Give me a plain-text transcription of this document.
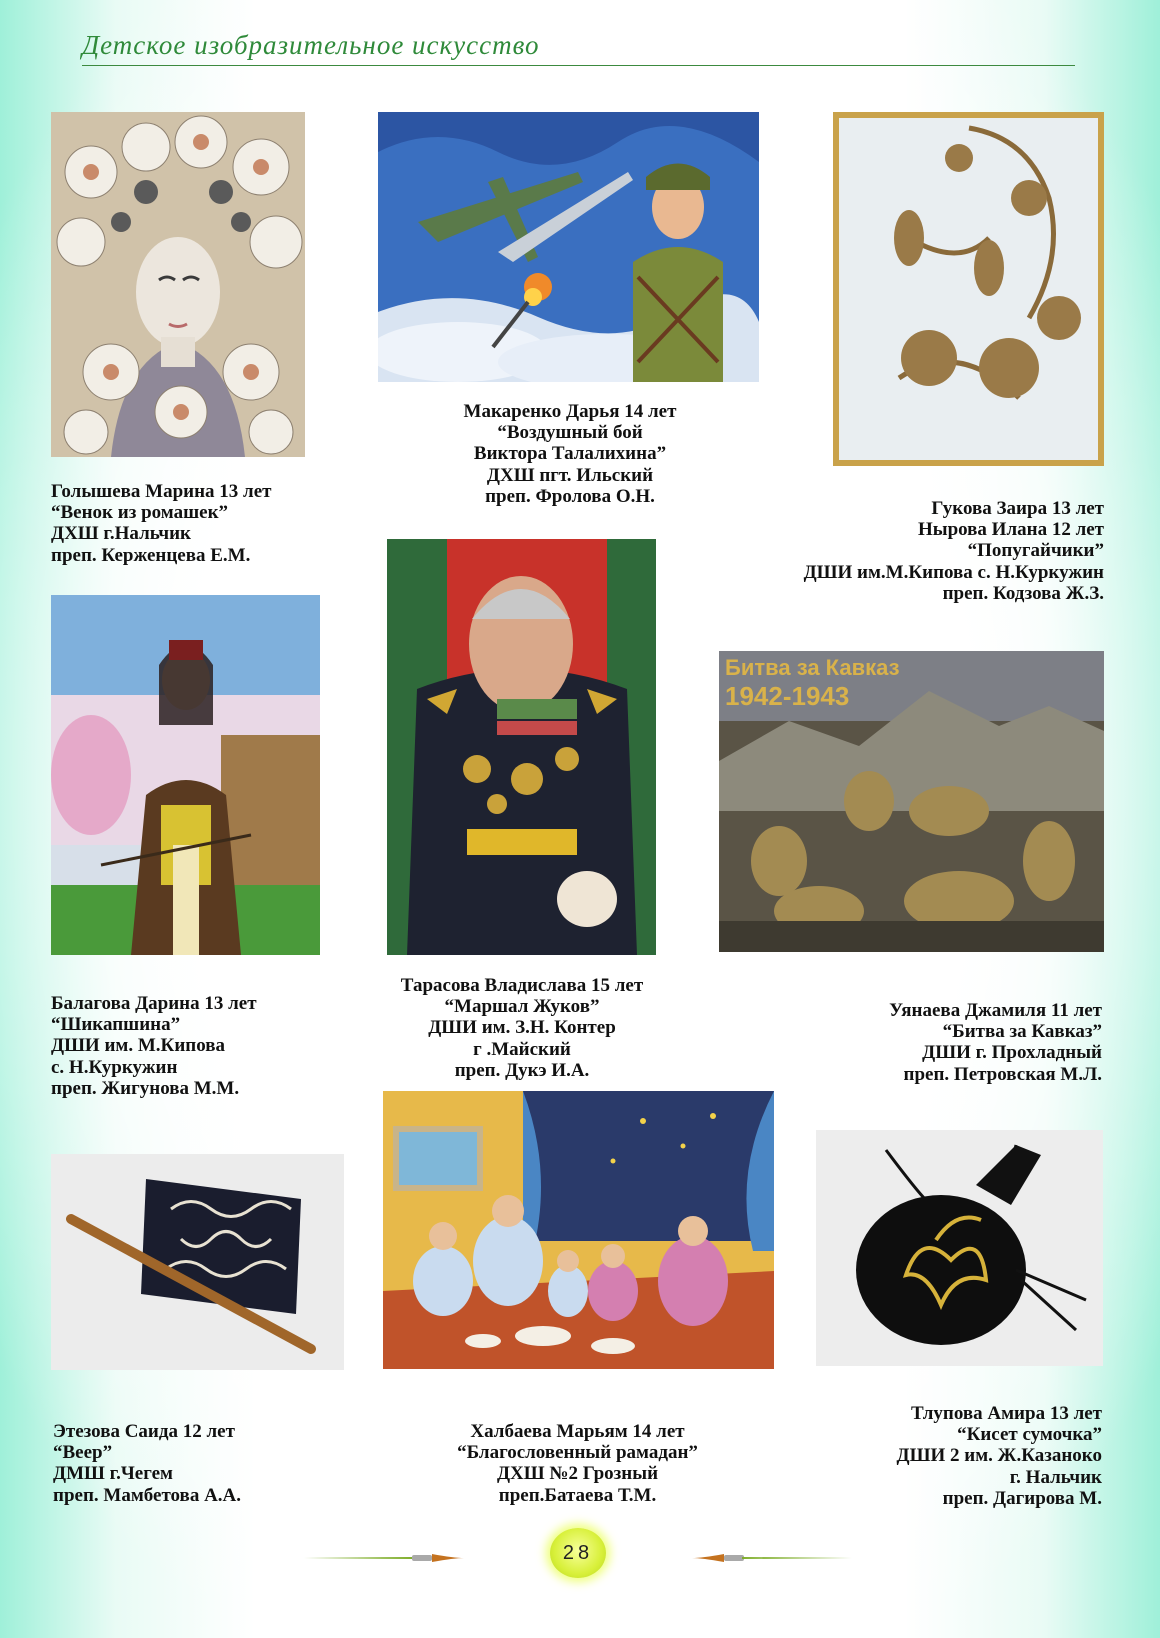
Детское изобразительное искусство
Голышева Марина 13 лет
“Венок из ромашек”
ДХШ г.Нальчик
преп. Керженцева Е.М.
Макаренко Дарья 14 лет
“Воздушный бой
Виктора Талалихина”
ДХШ пгт. Ильский
преп. Фролова О.Н.
Гукова Заира 13 лет
Нырова Илана 12 лет
“Попугайчики”
ДШИ им.М.Кипова с. Н.Куркужин
преп. Кодзова Ж.З.
Балагова Дарина 13 лет
“Шикапшина”
ДШИ им. М.Кипова
с. Н.Куркужин
преп. Жигунова М.М.
Тарасова Владислава 15 лет
“Маршал Жуков”
ДШИ им. З.Н. Контер
г .Майский
преп. Дукэ И.А.
Битва за Кавказ
1942-1943
Уянаева Джамиля 11 лет
“Битва за Кавказ”
ДШИ г. Прохладный
преп. Петровская М.Л.
Этезова Саида 12 лет
“Веер”
ДМШ г.Чегем
преп. Мамбетова А.А.
Халбаева Марьям 14 лет
“Благословенный рамадан”
ДХШ №2 Грозный
преп.Батаева Т.М.
Тлупова Амира 13 лет
“Кисет сумочка”
ДШИ 2 им. Ж.Казаноко
г. Нальчик
преп. Дагирова М.
28
